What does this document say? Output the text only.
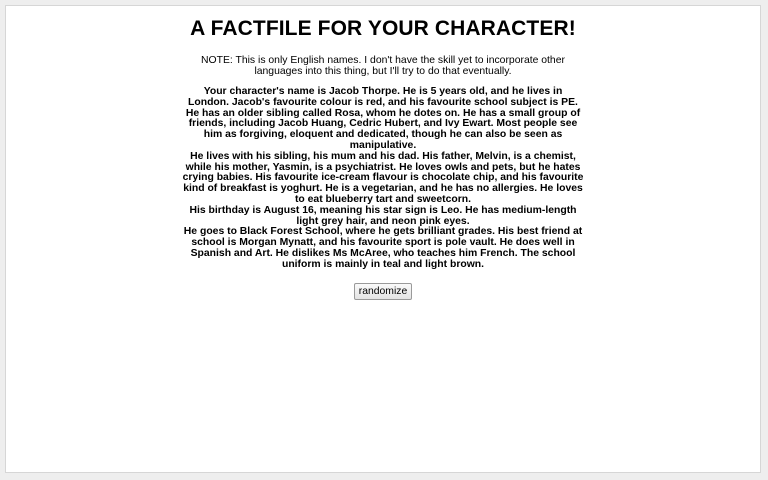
A FACTFILE FOR YOUR CHARACTER!
NOTE: This is only English names. I don't have the skill yet to incorporate other languages into this thing, but I'll try to do that eventually.

Your character's name is Jacob Thorpe. He is 5 years old, and he lives in London. Jacob's favourite colour is red, and his favourite school subject is PE. He has an older sibling called Rosa, whom he dotes on. He has a small group of friends, including Jacob Huang, Cedric Hubert, and Ivy Ewart. Most people see him as forgiving, eloquent and dedicated, though he can also be seen as manipulative.

He lives with his sibling, his mum and his dad. His father, Melvin, is a chemist, while his mother, Yasmin, is a psychiatrist. He loves owls and pets, but he hates crying babies. His favourite ice-cream flavour is chocolate chip, and his favourite kind of breakfast is yoghurt. He is a vegetarian, and he has no allergies. He loves to eat blueberry tart and sweetcorn.

His birthday is August 16, meaning his star sign is Leo. He has medium-length light grey hair, and neon pink eyes.

He goes to Black Forest School, where he gets brilliant grades. His best friend at school is Morgan Mynatt, and his favourite sport is pole vault. He does well in Spanish and Art. He dislikes Ms McAree, who teaches him French. The school uniform is mainly in teal and light brown.

randomize
